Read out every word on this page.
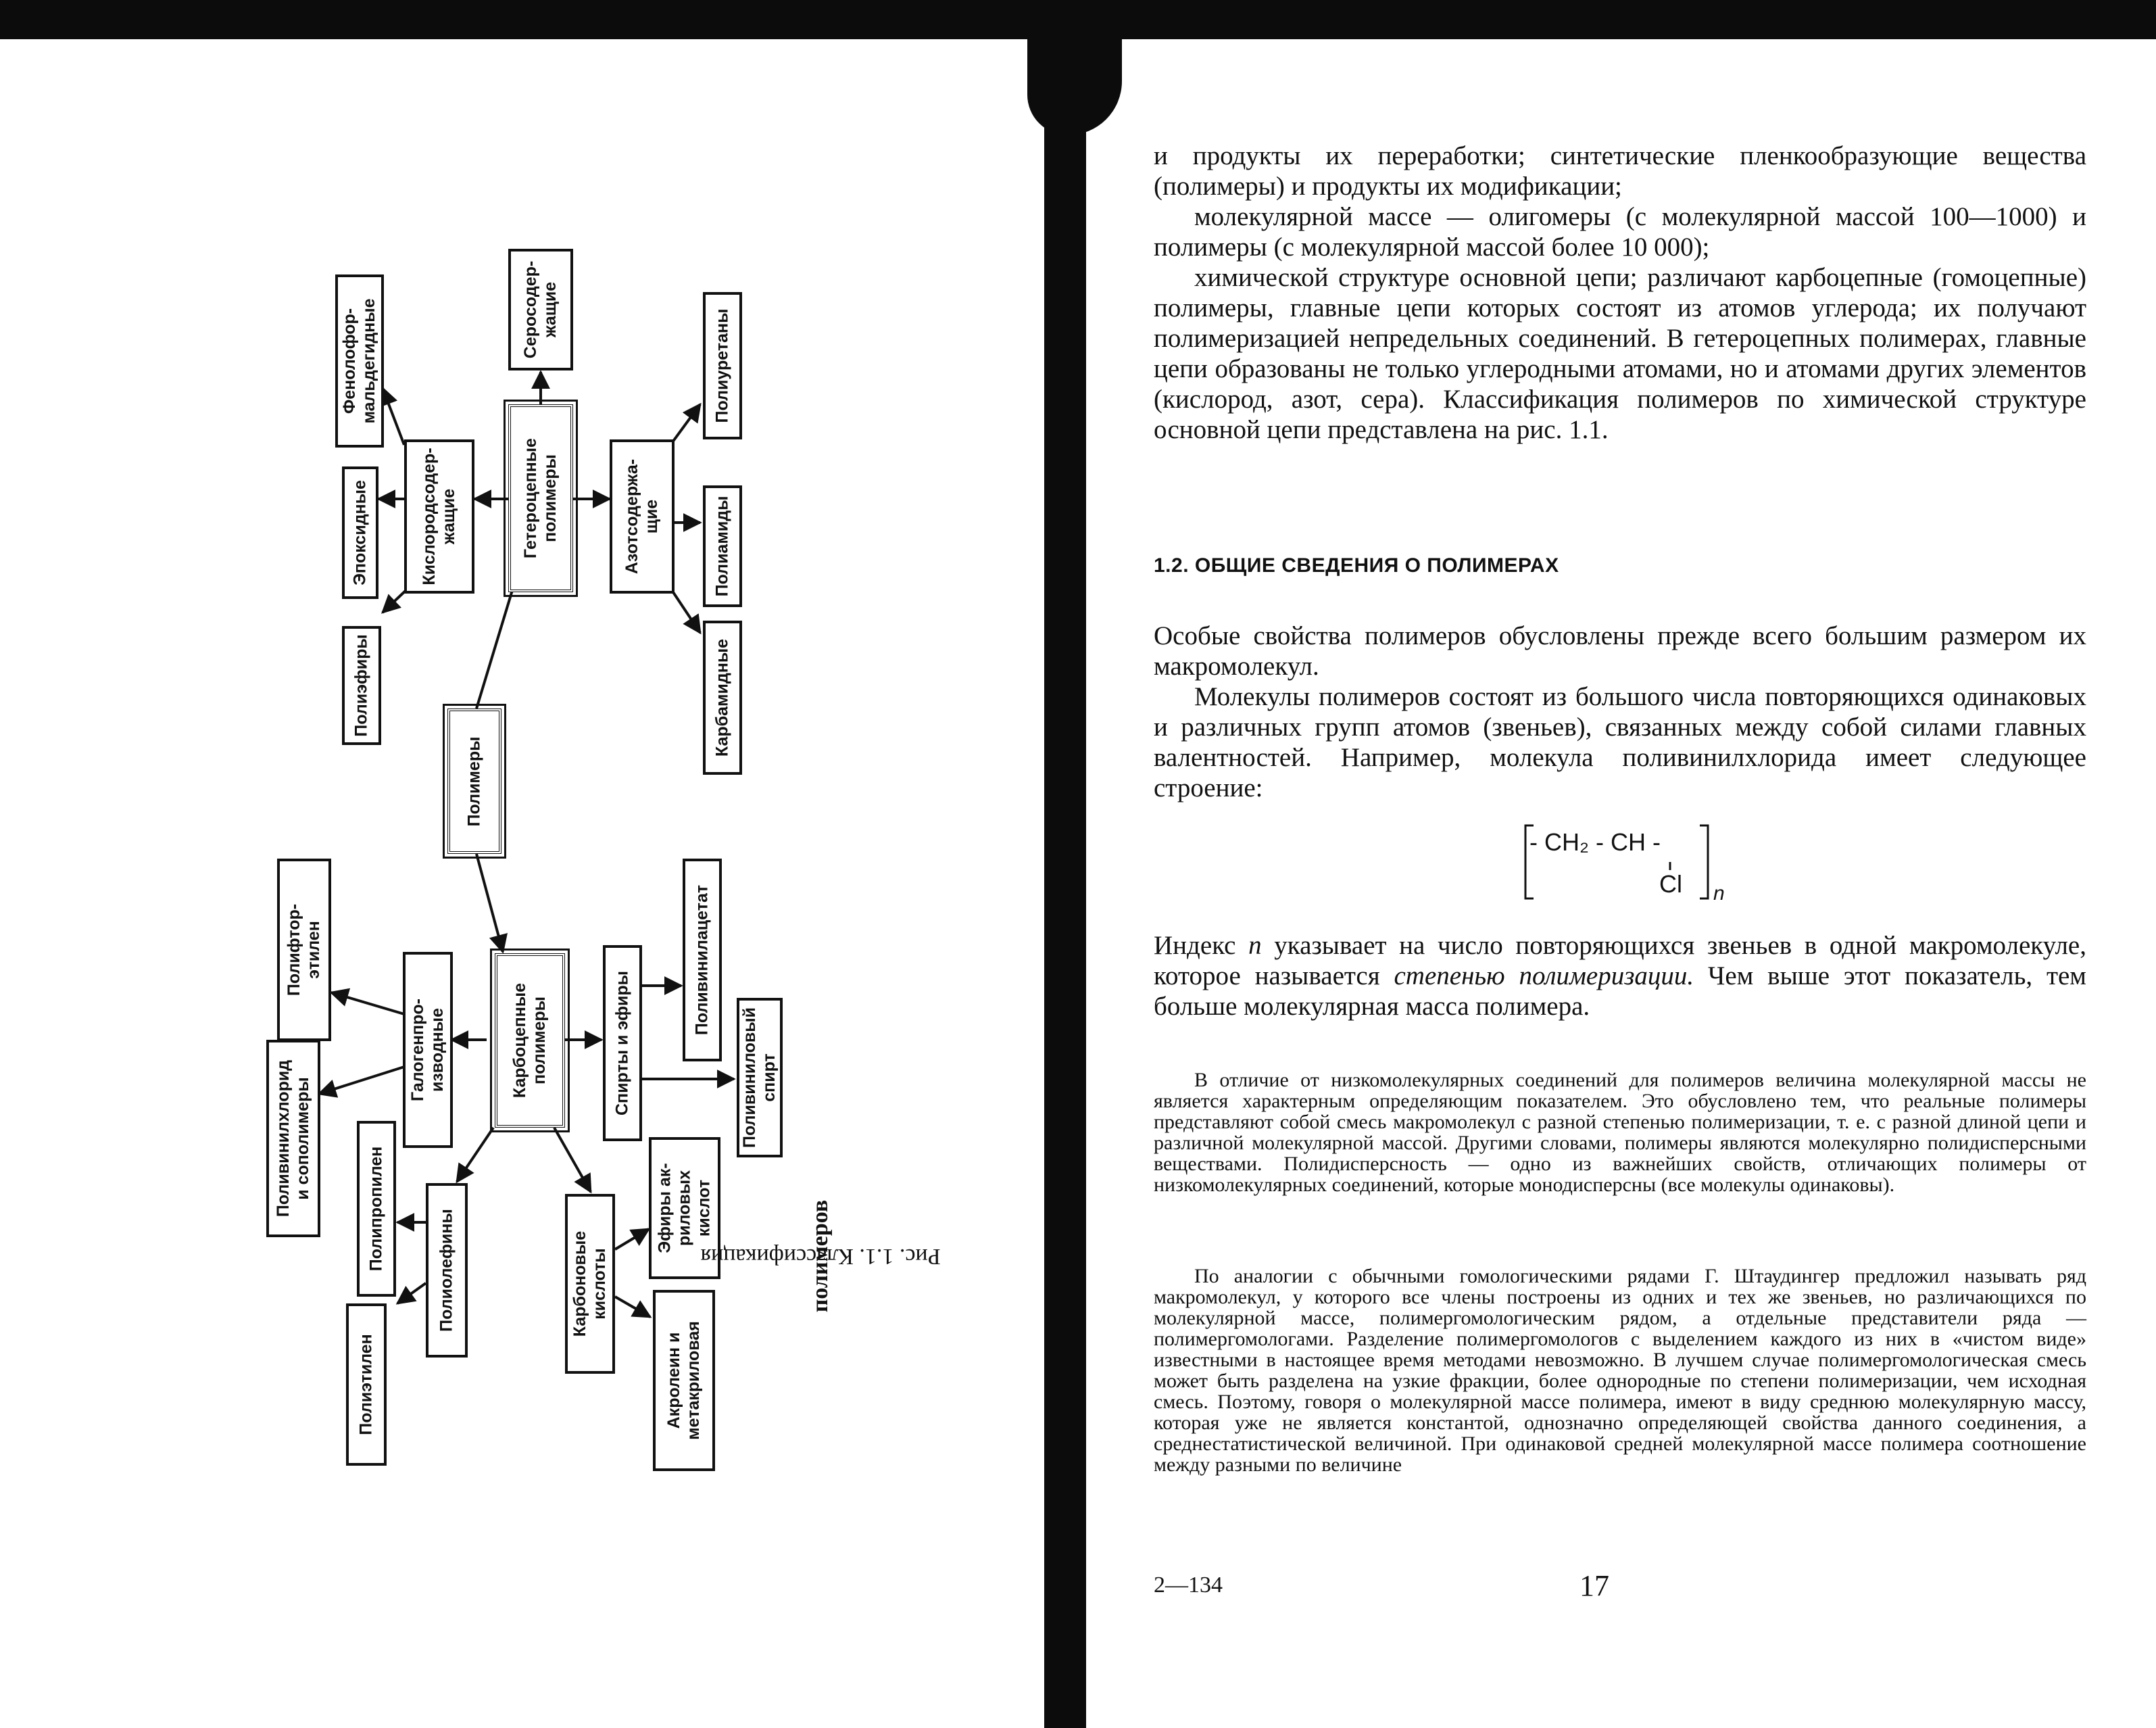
Полимеры
Гетероцепные
полимеры
Карбоцепные
полимеры
Кислородсодер-
жащие
Серосодер-
жащие
Азотсодержа-
щие
Фенолофор-
мальдегидные
Эпоксидные
Полиэфиры
Полиуретаны
Полиамиды
Карбамидные
Галогенпро-
изводные	Спирты и эфиры
Полиолефины	Карбоновые
кислоты
Полифтор-
этилен
Поливинилхлорид
и сополимеры
Поливинилацетат
Поливиниловый
спирт
Полипропилен
Полиэтилен
Эфиры ак-
риловых
кислот
Акролеин и
метакриловая
Рис. 1.1. Классификация
полимеров
и продукты их переработки; синтетические пленкообразующие вещества (полимеры) и продукты их модификации;
молекулярной массе — олигомеры (с молекулярной массой 100—1000) и полимеры (с молекулярной массой более 10 000);
химической структуре основной цепи; различают карбоцепные (гомоцепные) полимеры, главные цепи которых состоят из атомов углерода; их получают полимеризацией непредельных соединений. В гетероцепных полимерах, главные цепи образованы не только углеродными атомами, но и атомами других элементов (кислород, азот, сера). Классификация полимеров по химической структуре основной цепи представлена на рис. 1.1.
1.2. ОБЩИЕ СВЕДЕНИЯ О ПОЛИМЕРАХ
Особые свойства полимеров обусловлены прежде всего большим размером их макромолекул.
Молекулы полимеров состоят из большого числа повторяющихся одинаковых и различных групп атомов (звеньев), связанных между собой силами главных валентностей. Например, молекула поливинилхлорида имеет следующее строение:
- CH₂ - CH -
Cl n
Индекс n указывает на число повторяющихся звеньев в одной макромолекуле, которое называется степенью полимеризации. Чем выше этот показатель, тем больше молекулярная масса полимера.
В отличие от низкомолекулярных соединений для полимеров величина молекулярной массы не является характерным определяющим показателем. Это обусловлено тем, что реальные полимеры представляют собой смесь макромолекул с разной степенью полимеризации, т. е. с разной длиной цепи и различной молекулярной массой. Другими словами, полимеры являются молекулярно полидисперсными веществами. Полидисперсность — одно из важнейших свойств, отличающих полимеры от низкомолекулярных соединений, которые монодисперсны (все молекулы одинаковы).
По аналогии с обычными гомологическими рядами Г. Штаудингер предложил называть ряд макромолекул, у которого все члены построены из одних и тех же звеньев, но различающихся по молекулярной массе, полимергомологическим рядом, а отдельные представители ряда — полимергомологами. Разделение полимергомологов с выделением каждого из них в «чистом виде» известными в настоящее время методами невозможно. В лучшем случае полимергомологическая смесь может быть разделена на узкие фракции, более однородные по степени полимеризации, чем исходная смесь. Поэтому, говоря о молекулярной массе полимера, имеют в виду среднюю молекулярную массу, которая уже не является константой, однозначно определяющей свойства данного соединения, а среднестатистической величиной. При одинаковой средней молекулярной массе полимера соотношение между разными по величине
2—134	17
